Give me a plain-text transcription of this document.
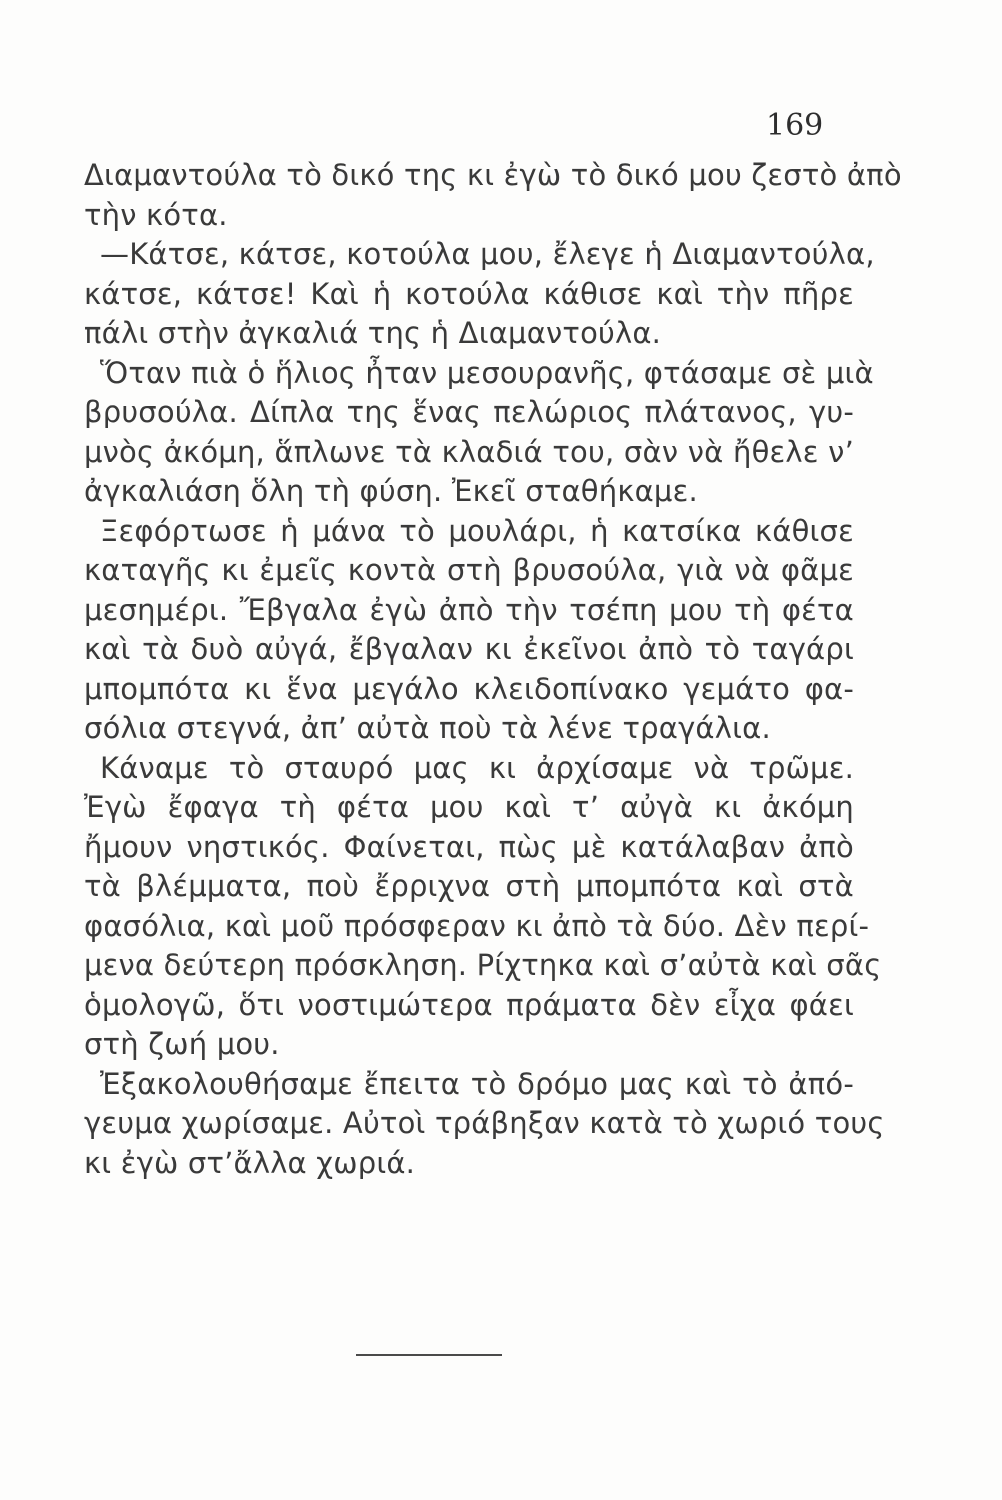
169
Διαμαντούλα τὸ δικό της κι ἐγὼ τὸ δικό μου ζεστὸ ἀπὸ
τὴν κότα.
—Κάτσε, κάτσε, κοτούλα μου, ἔλεγε ἡ Διαμαντούλα,
κάτσε, κάτσε! Καὶ ἡ κοτούλα κάθισε καὶ τὴν πῆρε
πάλι στὴν ἀγκαλιά της ἡ Διαμαντούλα.
Ὅταν πιὰ ὁ ἥλιος ἦταν μεσουρανῆς, φτάσαμε σὲ μιὰ
βρυσούλα. Δίπλα της ἕνας πελώριος πλάτανος, γυ-
μνὸς ἀκόμη, ἅπλωνε τὰ κλαδιά του, σὰν νὰ ἤθελε ν’
ἀγκαλιάση ὅλη τὴ φύση. Ἐκεῖ σταθήκαμε.
Ξεφόρτωσε ἡ μάνα τὸ μουλάρι, ἡ κατσίκα κάθισε
καταγῆς κι ἐμεῖς κοντὰ στὴ βρυσούλα, γιὰ νὰ φᾶμε
μεσημέρι. Ἔβγαλα ἐγὼ ἀπὸ τὴν τσέπη μου τὴ φέτα
καὶ τὰ δυὸ αὐγά, ἔβγαλαν κι ἐκεῖνοι ἀπὸ τὸ ταγάρι
μπομπότα κι ἕνα μεγάλο κλειδοπίνακο γεμάτο φα-
σόλια στεγνά, ἀπ’ αὐτὰ ποὺ τὰ λένε τραγάλια.
Κάναμε τὸ σταυρό μας κι ἀρχίσαμε νὰ τρῶμε.
Ἐγὼ ἔφαγα τὴ φέτα μου καὶ τ’ αὐγὰ κι ἀκόμη
ἤμουν νηστικός. Φαίνεται, πὼς μὲ κατάλαβαν ἀπὸ
τὰ βλέμματα, ποὺ ἔρριχνα στὴ μπομπότα καὶ στὰ
φασόλια, καὶ μοῦ πρόσφεραν κι ἀπὸ τὰ δύο. Δὲν περί-
μενα δεύτερη πρόσκληση. Ρίχτηκα καὶ σ’αὐτὰ καὶ σᾶς
ὁμολογῶ, ὅτι νοστιμώτερα πράματα δὲν εἶχα φάει
στὴ ζωή μου.
Ἐξακολουθήσαμε ἔπειτα τὸ δρόμο μας καὶ τὸ ἀπό-
γευμα χωρίσαμε. Αὐτοὶ τράβηξαν κατὰ τὸ χωριό τους
κι ἐγὼ στ’ἄλλα χωριά.
